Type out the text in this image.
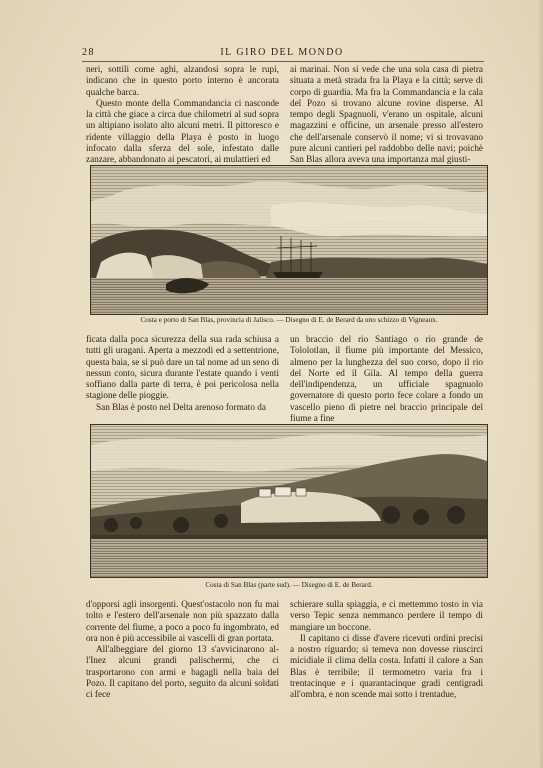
28	IL GIRO DEL MONDO

neri, sottili come aghi, alzandosi sopra le rupi, indicano che in questo porto interno è ancorata qualche barca.

Questo monte della Commandancia ci nasconde la città che giace a circa due chilometri al sud sopra un altipiano isolato alto alcuni metri. Il pittoresco e ridente villaggio della Playa è posto in luogo infocato dalla sferza del sole, infestato dalle zanzare, abbandonato ai pescatori, ai mulattieri ed

ai marinai. Non si vede che una sola casa di pietra situata a metà strada fra la Playa e la città; serve di corpo di guardia. Ma fra la Commandancia e la cala del Pozo si trovano alcune rovine disperse. Al tempo degli Spagnuoli, v'erano un ospitale, alcuni magazzini e officine, un arsenale presso all'estero che dell'arsenale conservò il nome; vi si trovavano pure alcuni cantieri pel raddobbo delle navi; poichè San Blas allora aveva una importanza mal giusti-

Costa e porto di San Blas, provincia di Jalisco. — Disegno di E. de Berard da uno schizzo di Vigneaux.

ficata dalla poca sicurezza della sua rada schiusa a tutti gli uragani. Aperta a mezzodì ed a settentrione, questa baia, se si può dare un tal nome ad un seno di nessun conto, sicura durante l'estate quando i venti soffiano dalla parte di terra, è poi pericolosa nella stagione delle pioggie.

San Blas è posto nel Delta arenoso formato da

un braccio del rio Santiago o rio grande de Tololotlan, il fiume più importante del Messico, almeno per la lunghezza del suo corso, dopo il rio del Norte ed il Gila. Al tempo della guerra dell'indipendenza, un ufficiale spagnuolo governatore di questo porto fece colare a fondo un vascello pieno di pietre nel braccio principale del fiume a fine

Costa di San Blas (parte sud). — Disegno di E. de Berard.

d'opporsi agli insorgenti. Quest'ostacolo non fu mai tolto e l'estero dell'arsenale non più spazzato dalla corrente del fiume, a poco a poco fu ingombrato, ed ora non è più accessibile ai vascelli di gran portata.

All'albeggiare del giorno 13 s'avvicinarono al- l'Inez alcuni grandi palischermi, che ci trasportarono con armi e bagagli nella baia del Pozo. Il capitano del porto, seguito da alcuni soldati ci fece

schierare sulla spiaggia, e ci mettemmo tosto in via verso Tepic senza nemmanco perdere il tempo di mangiare un boccone.

Il capitano ci disse d'avere ricevuti ordini precisi a nostro riguardo; si temeva non dovesse riuscirci micidiale il clima della costa. Infatti il calore a San Blas è terribile; il termometro varia fra i trentacinque e i quarantacinque gradi centigradi all'ombra, e non scende mai sotto i trentadue,
